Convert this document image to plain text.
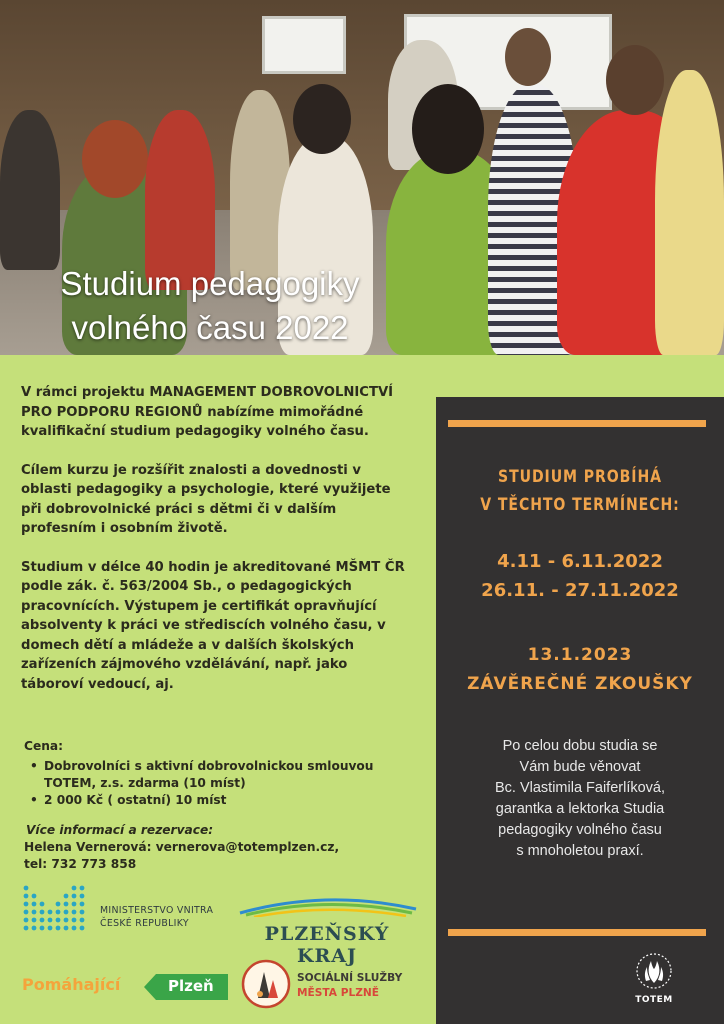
Studium pedagogiky
volného času 2022

V rámci projektu MANAGEMENT DOBROVOLNICTVÍ PRO PODPORU REGIONŮ nabízíme mimořádné kvalifikační studium pedagogiky volného času.

Cílem kurzu je rozšířit znalosti a dovednosti v oblasti pedagogiky a psychologie, které využijete při dobrovolnické práci s dětmi či v dalším profesním i osobním životě.

Studium v délce 40 hodin je akreditované MŠMT ČR podle zák. č. 563/2004 Sb., o pedagogických pracovnících. Výstupem je certifikát opravňující absolventy k práci ve střediscích volného času, v domech dětí a mládeže a v dalších školských zařízeních zájmového vzdělávání, např. jako táboroví vedoucí, aj.

Cena:
• Dobrovolníci s aktivní dobrovolnickou smlouvou TOTEM, z.s. zdarma (10 míst)
• 2 000 Kč ( ostatní) 10 míst
Více informací a rezervace:
Helena Vernerová: vernerova@totemplzen.cz,
tel: 732 773 858
STUDIUM PROBÍHÁ
V TĚCHTO TERMÍNECH:
4.11 - 6.11.2022
26.11. - 27.11.2022
13.1.2023
ZÁVĚREČNÉ ZKOUŠKY
Po celou dobu studia se
Vám bude věnovat
Bc. Vlastimila Faiferlíková,
garantka a lektorka Studia
pedagogiky volného času
s mnoholetou praxí.
TOTEM
MINISTERSTVO VNITRA
ČESKÉ REPUBLIKY	PLZEŇSKÝ KRAJ
Pomáhající	Plzeň	SOCIÁLNÍ SLUŽBY
MĚSTA PLZNĚ
